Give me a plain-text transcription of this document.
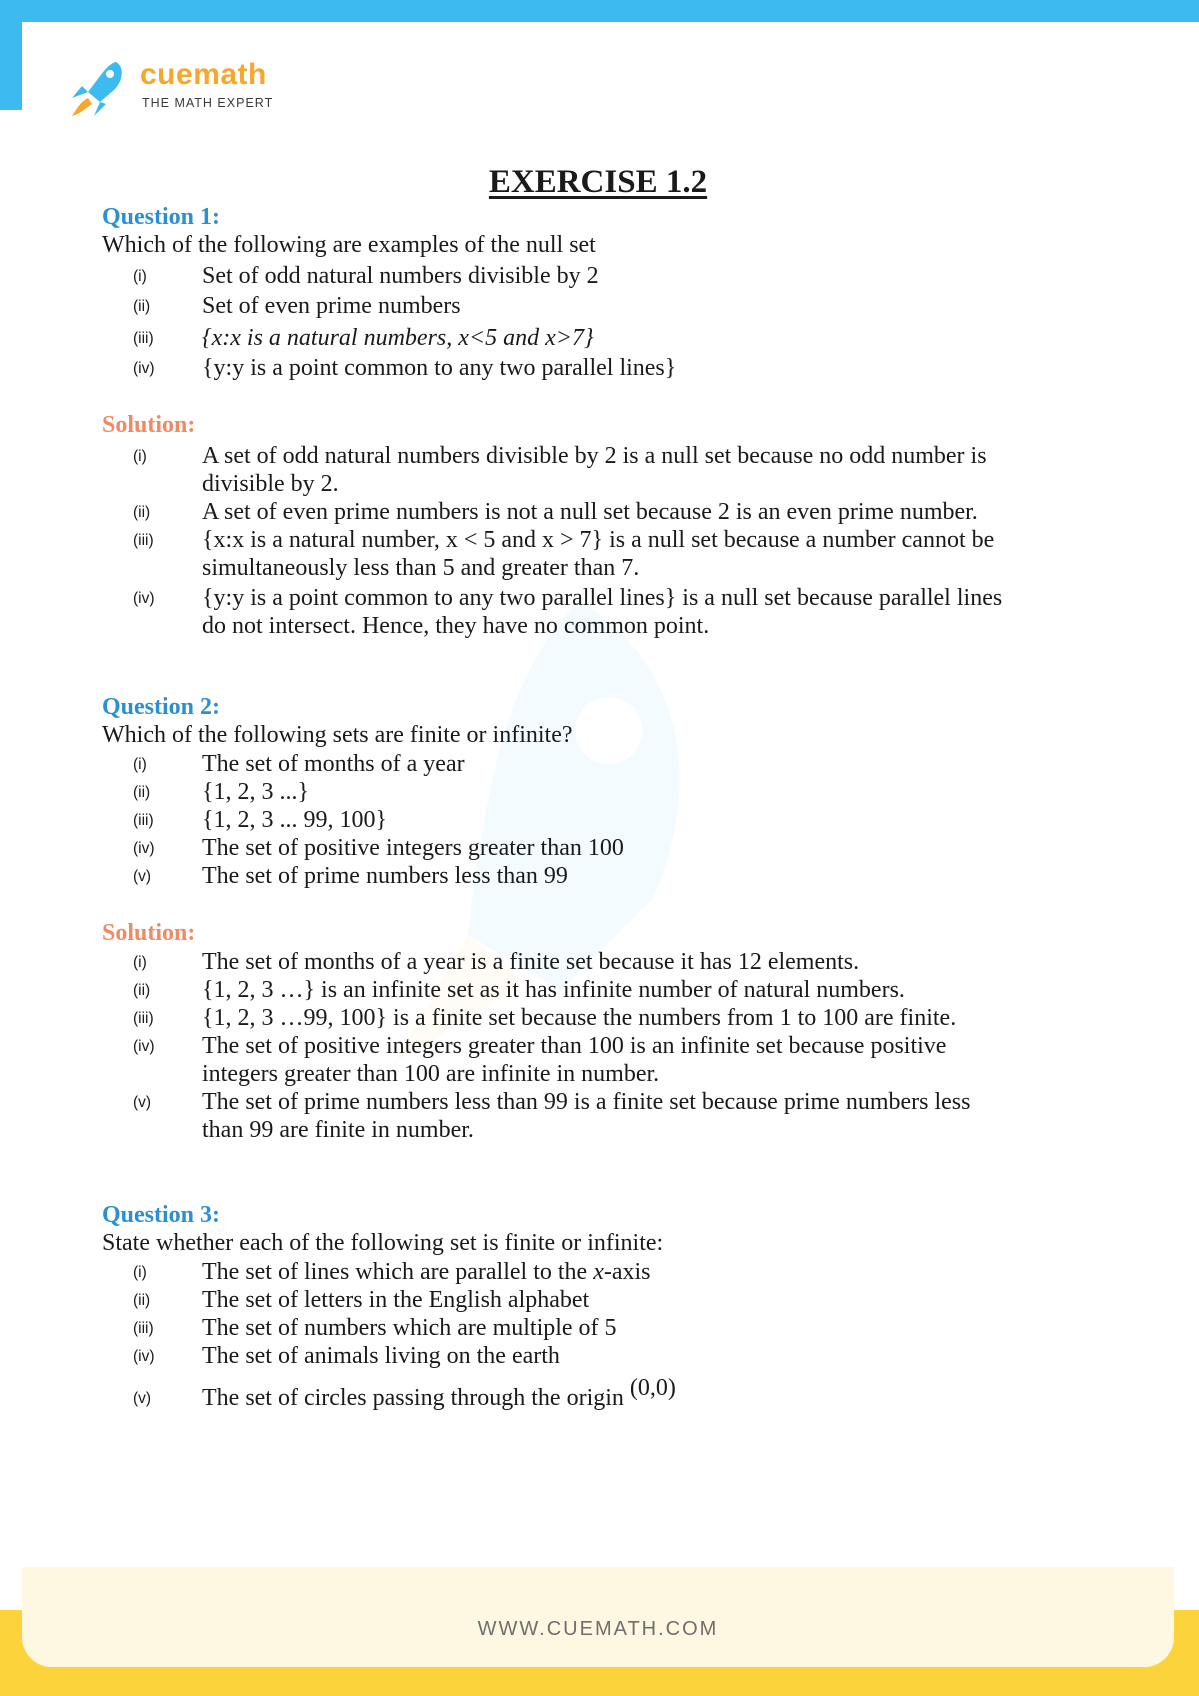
cuemath
THE MATH EXPERT
EXERCISE 1.2
Question 1:
Which of the following are examples of the null set
(i) Set of odd natural numbers divisible by 2
(ii) Set of even prime numbers
(iii) {x:x is a natural numbers, x<5 and x>7}
(iv) {y:y is a point common to any two parallel lines}
Solution:
(i) A set of odd natural numbers divisible by 2 is a null set because no odd number is divisible by 2.
(ii) A set of even prime numbers is not a null set because 2 is an even prime number.
(iii) {x:x is a natural number, x < 5 and x > 7} is a null set because a number cannot be simultaneously less than 5 and greater than 7.
(iv) {y:y is a point common to any two parallel lines} is a null set because parallel lines do not intersect. Hence, they have no common point.
Question 2:
Which of the following sets are finite or infinite?
(i) The set of months of a year
(ii) {1, 2, 3 ...}
(iii) {1, 2, 3 ... 99, 100}
(iv) The set of positive integers greater than 100
(v) The set of prime numbers less than 99
Solution:
(i) The set of months of a year is a finite set because it has 12 elements.
(ii) {1, 2, 3 …} is an infinite set as it has infinite number of natural numbers.
(iii) {1, 2, 3 …99, 100} is a finite set because the numbers from 1 to 100 are finite.
(iv) The set of positive integers greater than 100 is an infinite set because positive integers greater than 100 are infinite in number.
(v) The set of prime numbers less than 99 is a finite set because prime numbers less than 99 are finite in number.
Question 3:
State whether each of the following set is finite or infinite:
(i) The set of lines which are parallel to the x-axis
(ii) The set of letters in the English alphabet
(iii) The set of numbers which are multiple of 5
(iv) The set of animals living on the earth
(v) The set of circles passing through the origin (0,0)
WWW.CUEMATH.COM
